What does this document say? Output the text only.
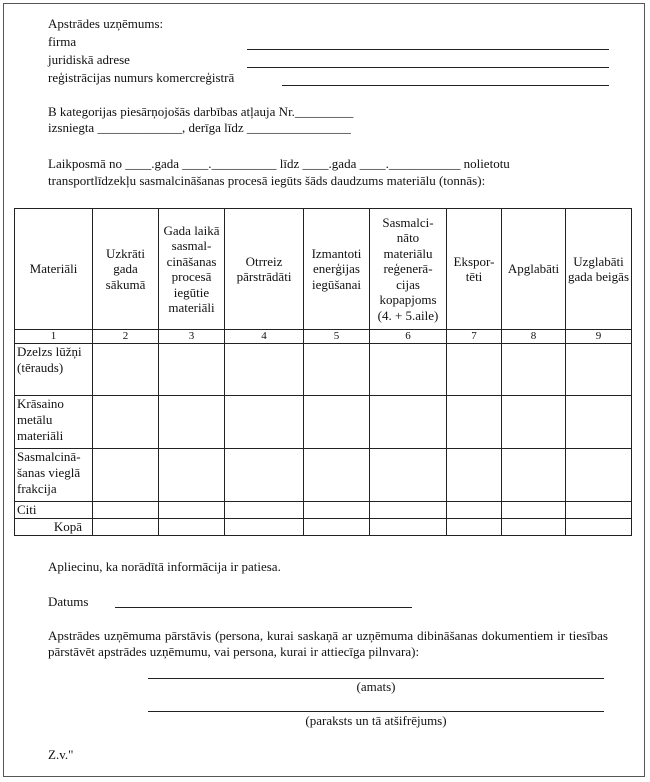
Apstrādes uzņēmums:
firma
juridiskā adrese
reģistrācijas numurs komercreģistrā
B kategorijas piesārņojošās darbības atļauja Nr._________
izsniegta _____________, derīga līdz ________________
Laikposmā no ____.gada ____.__________ līdz ____.gada ____.___________ nolietotu
transportlīdzekļu sasmalcināšanas procesā iegūts šāds daudzums materiālu (tonnās):
Materiāli	Uzkrāti gada sākumā	Gada laikā sasmal-cināšanas procesā iegūtie materiāli	Otrreiz pārstrādāti	Izmantoti enerģijas iegūšanai	Sasmalci-nāto materiālu reģenerā-cijas kopapjoms (4. + 5.aile)	Ekspor-tēti	Apglabāti	Uzglabāti gada beigās
1	2	3	4	5	6	7	8	9
Dzelzs lūžņi (tērauds)								
Krāsaino metālu materiāli								
Sasmalcinā-šanas vieglā frakcija								
Citi								
Kopā								
Apliecinu, ka norādītā informācija ir patiesa.
Datums
Apstrādes uzņēmuma pārstāvis (persona, kurai saskaņā ar uzņēmuma dibināšanas dokumentiem ir tiesības pārstāvēt apstrādes uzņēmumu, vai persona, kurai ir attiecīga pilnvara):
(amats)
(paraksts un tā atšifrējums)
Z.v."
